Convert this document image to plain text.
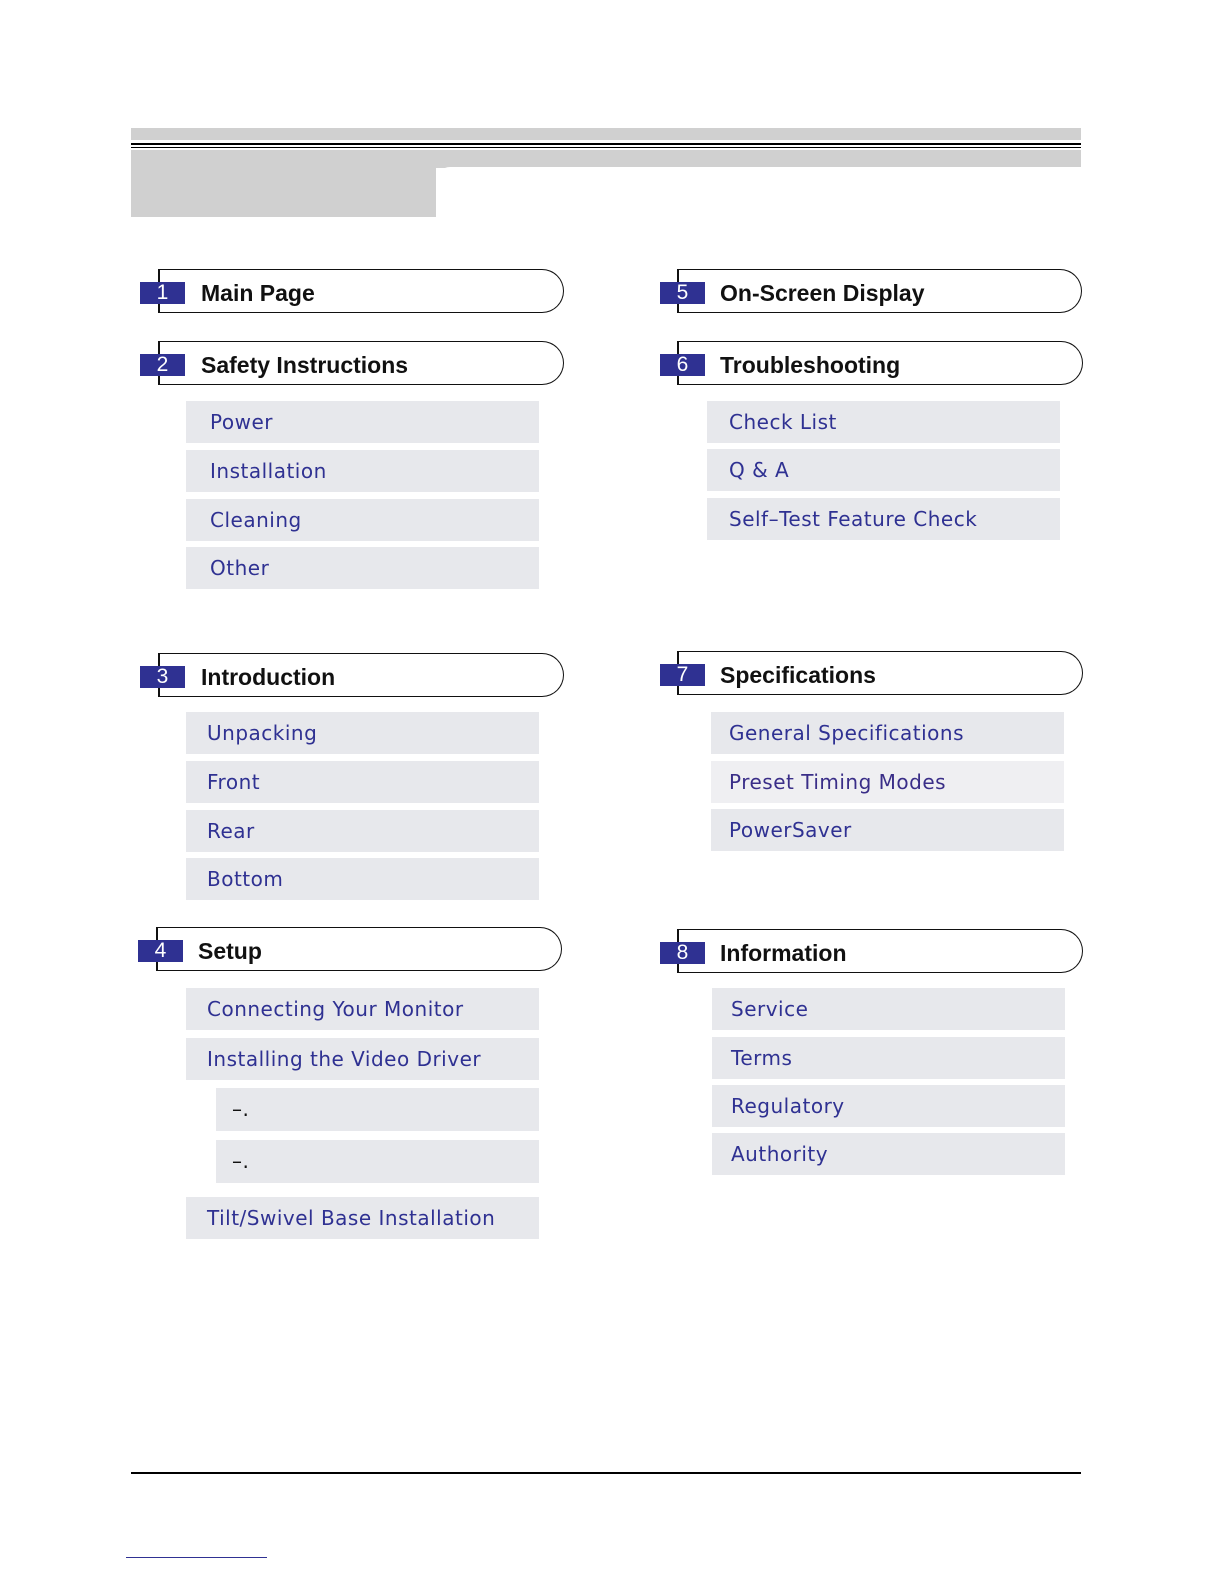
1	Main Page
2	Safety Instructions
Power
Installation
Cleaning
Other
3	Introduction
Unpacking
Front
Rear
Bottom
4	Setup
Connecting Your Monitor
Installing the Video Driver
–.
–.
Tilt/Swivel Base Installation
5	On-Screen Display
6	Troubleshooting
Check List
Q & A
Self–Test Feature Check
7	Specifications
General Specifications
Preset Timing Modes
PowerSaver
8	Information
Service
Terms
Regulatory
Authority
